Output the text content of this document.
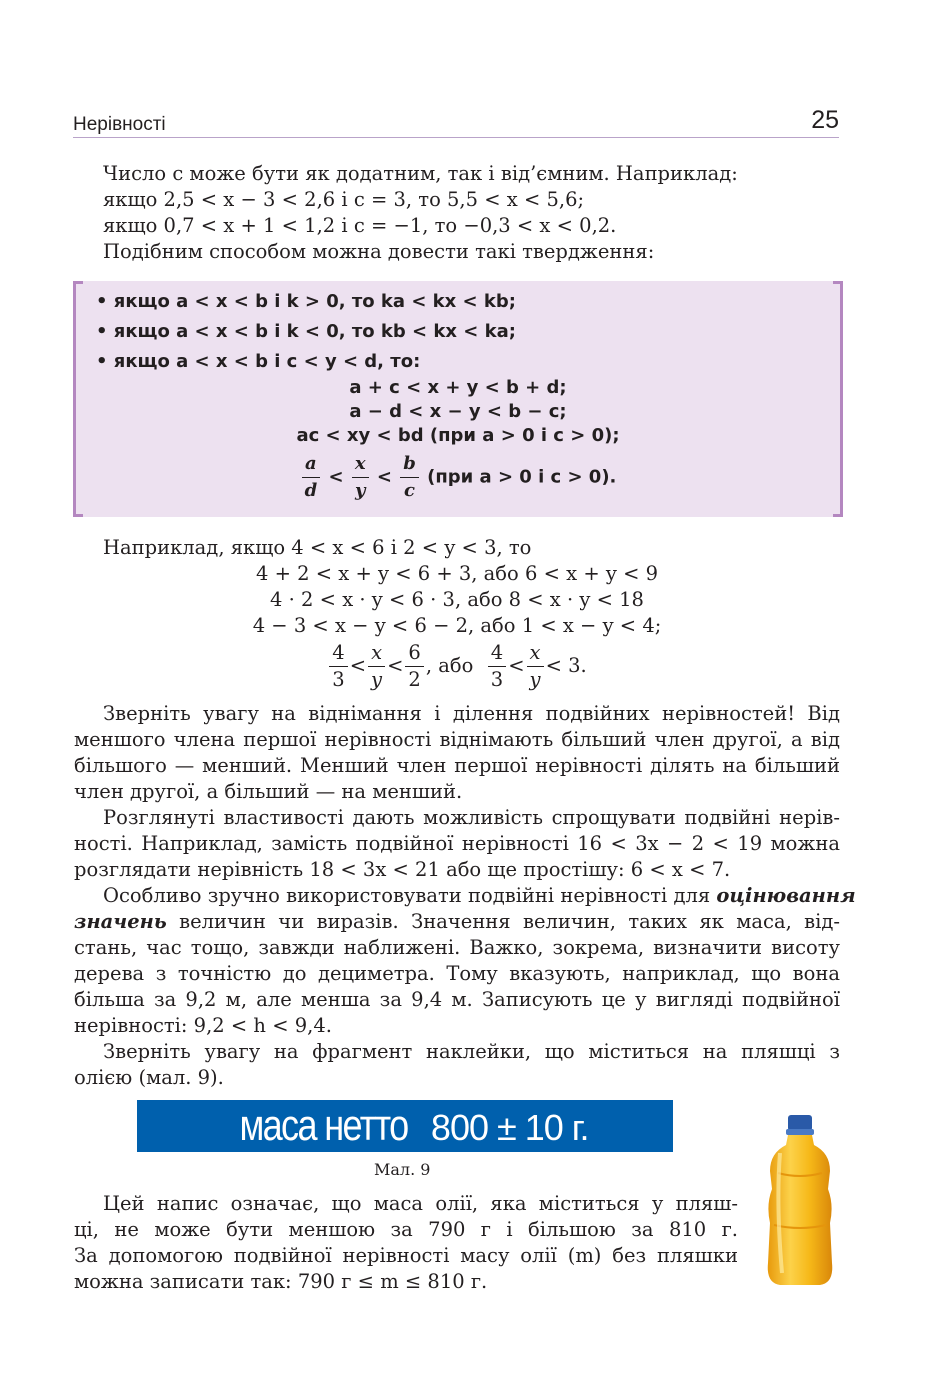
Нерівності	25
Число c може бути як додатним, так і від’ємним. Наприклад:
якщо 2,5 < x − 3 < 2,6 і c = 3, то 5,5 < x < 5,6;
якщо 0,7 < x + 1 < 1,2 і c = −1, то −0,3 < x < 0,2.
Подібним способом можна довести такі твердження:
• якщо a < x < b і k > 0, то ka < kx < kb;
• якщо a < x < b і k < 0, то kb < kx < ka;
• якщо a < x < b і c < y < d, то:
a + c < x + y < b + d;
a − d < x − y < b − c;
ac < xy < bd (при a > 0 і c > 0);
$\frac{a}{d} < \frac{x}{y} < \frac{b}{c} (при$ a > 0 і c > 0).
Наприклад, якщо 4 < x < 6 і 2 < y < 3, то
4 + 2 < x + y < 6 + 3, або 6 < x + y < 9
4 · 2 < x · y < 6 · 3, або 8 < x · y < 18
4 − 3 < x − y < 6 − 2, або 1 < x − y < 4;
$\frac{4}{3} < \frac{x}{y} < \frac{6}{2}$ , або $\frac{4}{3} < \frac{x}{y} < 3$.
Зверніть увагу на віднімання і ділення подвійних нерівностей! Від
меншого члена першої нерівності віднімають більший член другої, а від
більшого — менший. Менший член першої нерівності ділять на більший
член другої, а більший — на менший.
Розглянуті властивості дають можливість спрощувати подвійні нерів-
ності. Наприклад, замість подвійної нерівності 16 < 3x − 2 < 19 можна
розглядати нерівність 18 < 3x < 21 або ще простішу: 6 < x < 7.
Особливо зручно використовувати подвійні нерівності для оцінювання
значень величин чи виразів. Значення величин, таких як маса, від-
стань, час тощо, завжди наближені. Важко, зокрема, визначити висоту
дерева з точністю до дециметра. Тому вказують, наприклад, що вона
більша за 9,2 м, але менша за 9,4 м. Записують це у вигляді подвійної
нерівності: 9,2 < h < 9,4.
Зверніть увагу на фрагмент наклейки, що міститься на пляшці з
олією (мал. 9).
маса нетто 800 ± 10 г.
Мал. 9
Цей напис означає, що маса олії, яка міститься у пляш-
ці, не може бути меншою за 790 г і більшою за 810 г.
За допомогою подвійної нерівності масу олії (m) без пляшки
можна записати так: 790 г ≤ m ≤ 810 г.
